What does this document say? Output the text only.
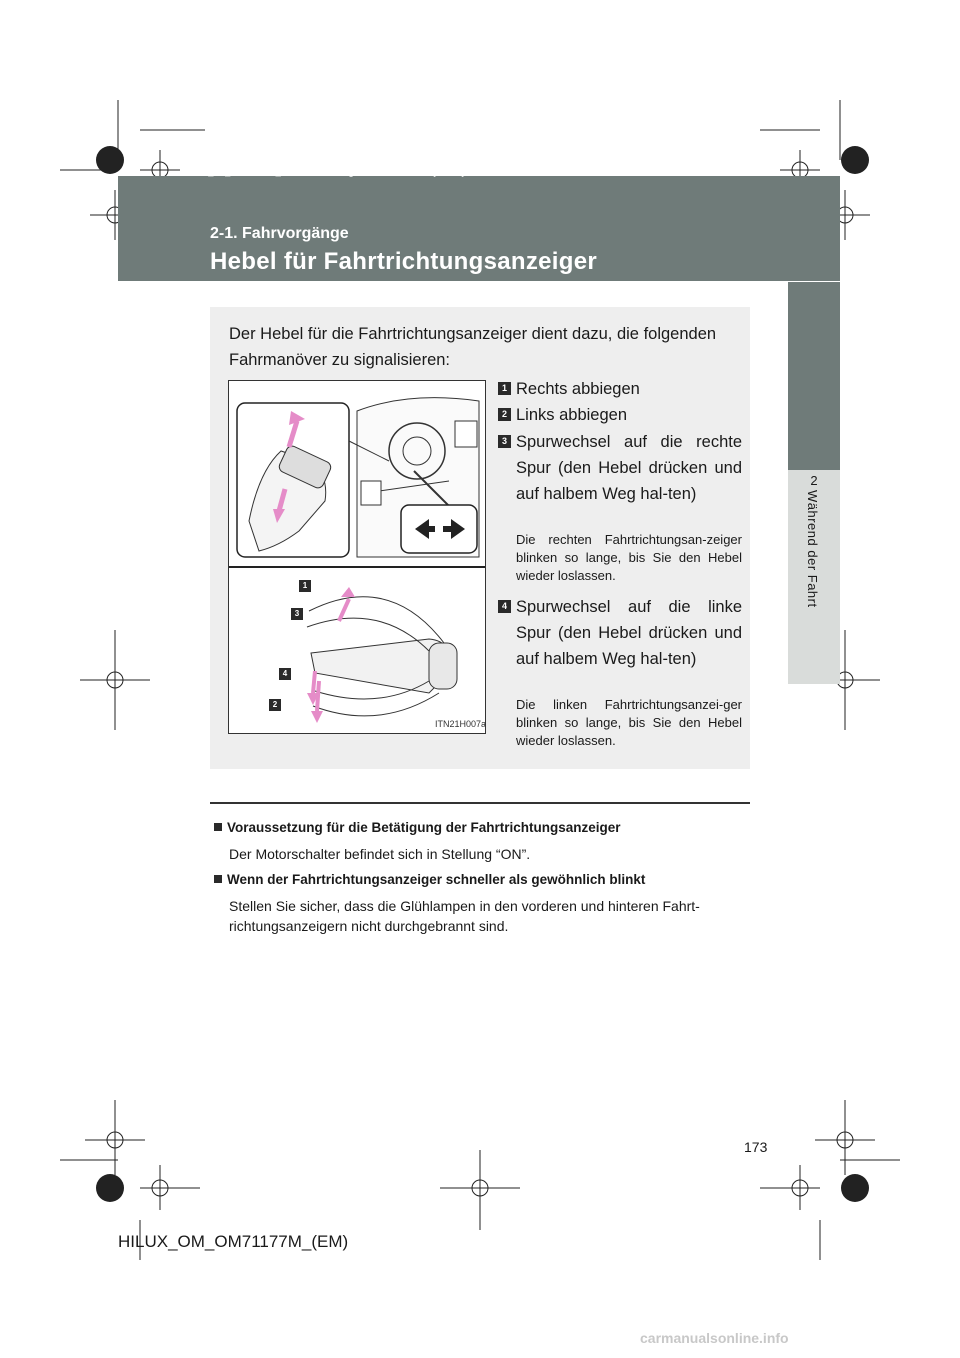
HILUX_OM_OM71177M_(EM).book Page 173 Wednesday, May 16, 2012 1:28 PM
2-1. Fahrvorgänge
Hebel für Fahrtrichtungsanzeiger
2
Während der Fahrt
Der Hebel für die Fahrtrichtungsanzeiger dient dazu, die folgenden Fahrmanöver zu signalisieren:
1
3
4
2
ITN21H007a
1 Rechts abbiegen
2 Links abbiegen
3 Spurwechsel auf die rechte Spur (den Hebel drücken und auf halbem Weg hal-ten)
Die rechten Fahrtrichtungsan-zeiger blinken so lange, bis Sie den Hebel wieder loslassen.
4 Spurwechsel auf die linke Spur (den Hebel drücken und auf halbem Weg hal-ten)
Die linken Fahrtrichtungsanzei-ger blinken so lange, bis Sie den Hebel wieder loslassen.
Voraussetzung für die Betätigung der Fahrtrichtungsanzeiger
Der Motorschalter befindet sich in Stellung “ON”.
Wenn der Fahrtrichtungsanzeiger schneller als gewöhnlich blinkt
Stellen Sie sicher, dass die Glühlampen in den vorderen und hinteren Fahrt-richtungsanzeigern nicht durchgebrannt sind.
173
HILUX_OM_OM71177M_(EM)
carmanualsonline.info
